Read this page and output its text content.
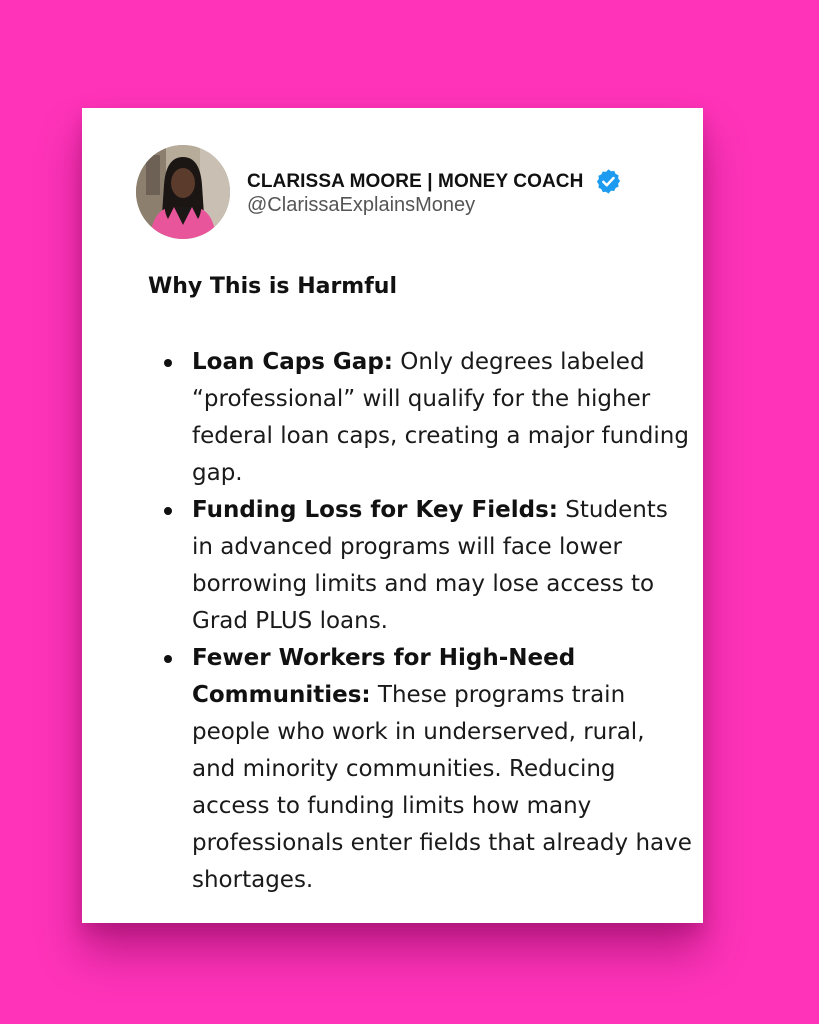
CLARISSA MOORE | MONEY COACH
@ClarissaExplainsMoney
Why This is Harmful
Loan Caps Gap: Only degrees labeled “professional” will qualify for the higher federal loan caps, creating a major funding gap.
Funding Loss for Key Fields: Students in advanced programs will face lower borrowing limits and may lose access to Grad PLUS loans.
Fewer Workers for High-Need Communities: These programs train people who work in underserved, rural, and minority communities. Reducing access to funding limits how many professionals enter fields that already have shortages.
